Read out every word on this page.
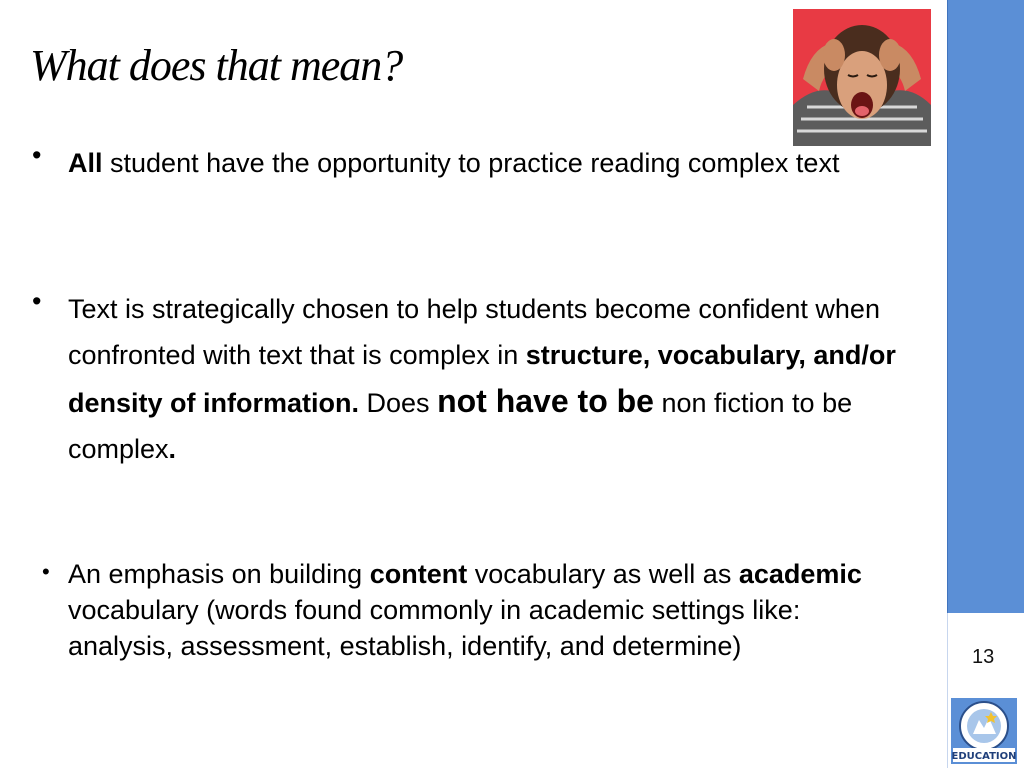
What does that mean?
13
EDUCATION
• All student have the opportunity to practice reading complex text
• Text is strategically chosen to help students become confident when confronted with text that is complex in structure, vocabulary, and/or density of information. Does not have to be non fiction to be complex.
• An emphasis on building content vocabulary as well as academic vocabulary (words found commonly in academic settings like: analysis, assessment, establish, identify, and determine)
